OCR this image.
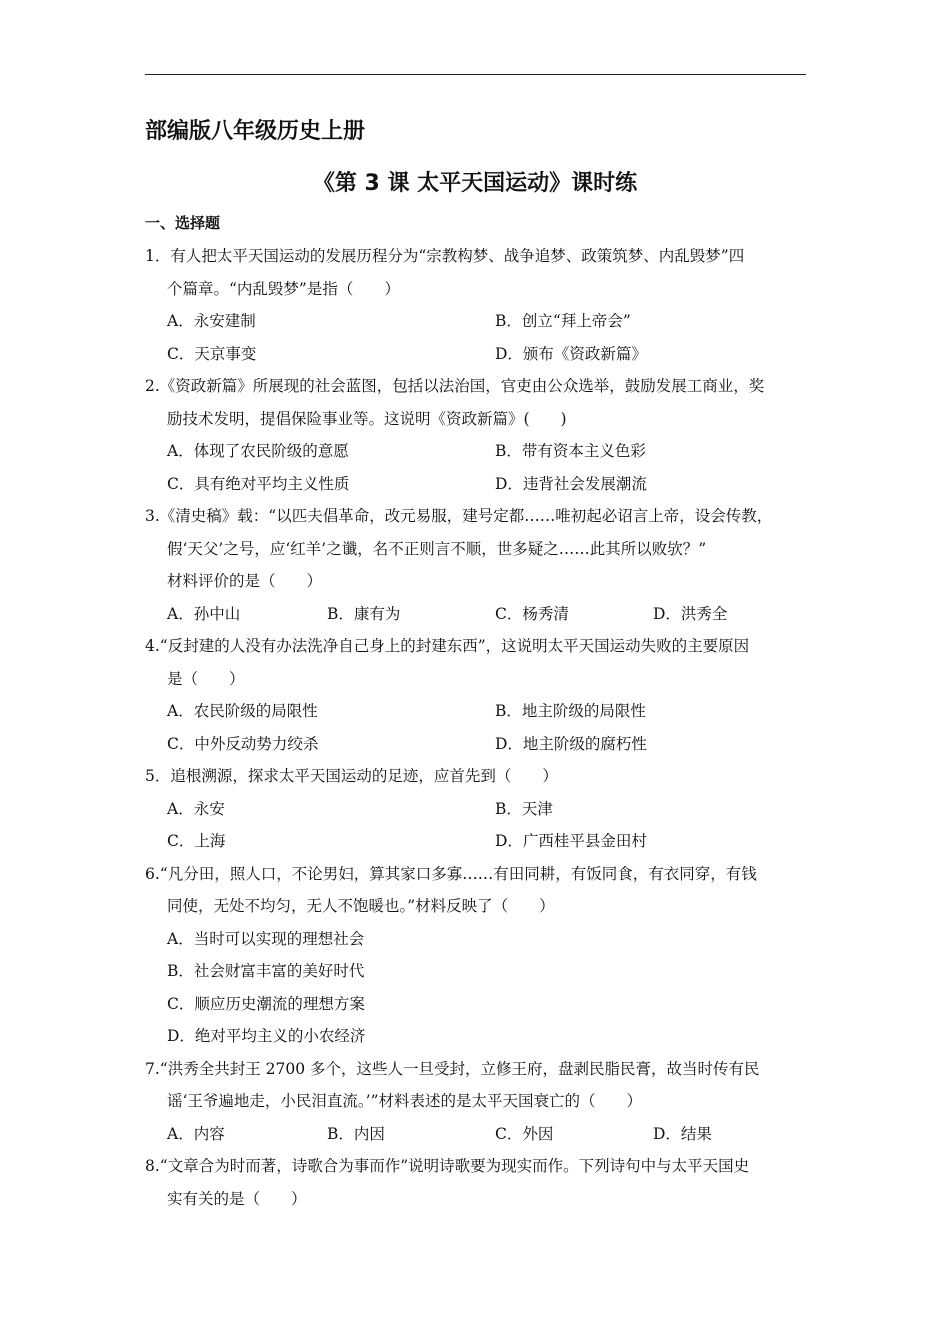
部编版八年级历史上册
《第 3 课 太平天国运动》课时练
一、选择题
1．有人把太平天国运动的发展历程分为“宗教构梦、战争追梦、政策筑梦、内乱毁梦”四
个篇章。“内乱毁梦”是指（　　）
A．永安建制	B．创立“拜上帝会”
C．天京事变	D．颁布《资政新篇》
2.《资政新篇》所展现的社会蓝图，包括以法治国，官吏由公众选举，鼓励发展工商业，奖
励技术发明，提倡保险事业等。这说明《资政新篇》(　　)
A．体现了农民阶级的意愿	B．带有资本主义色彩
C．具有绝对平均主义性质	D．违背社会发展潮流
3.《清史稿》载：“以匹夫倡革命，改元易服，建号定都……唯初起必诏言上帝，设会传教，
假‘天父’之号，应‘红羊’之谶，名不正则言不顺，世多疑之……此其所以败欤？”
材料评价的是（　　）
A．孙中山	B．康有为	C．杨秀清	D．洪秀全
4.“反封建的人没有办法洗净自己身上的封建东西”，这说明太平天国运动失败的主要原因
是（　　）
A．农民阶级的局限性	B．地主阶级的局限性
C．中外反动势力绞杀	D．地主阶级的腐朽性
5．追根溯源，探求太平天国运动的足迹，应首先到（　　）
A．永安	B．天津
C．上海	D．广西桂平县金田村
6.“凡分田，照人口，不论男妇，算其家口多寡……有田同耕，有饭同食，有衣同穿，有钱
同使，无处不均匀，无人不饱暖也。”材料反映了（　　）
A．当时可以实现的理想社会
B．社会财富丰富的美好时代
C．顺应历史潮流的理想方案
D．绝对平均主义的小农经济
7.“洪秀全共封王 2700 多个，这些人一旦受封，立修王府，盘剥民脂民膏，故当时传有民
谣‘王爷遍地走，小民泪直流。’”材料表述的是太平天国衰亡的（　　）
A．内容	B．内因	C．外因	D．结果
8.“文章合为时而著，诗歌合为事而作”说明诗歌要为现实而作。下列诗句中与太平天国史
实有关的是（　　）
